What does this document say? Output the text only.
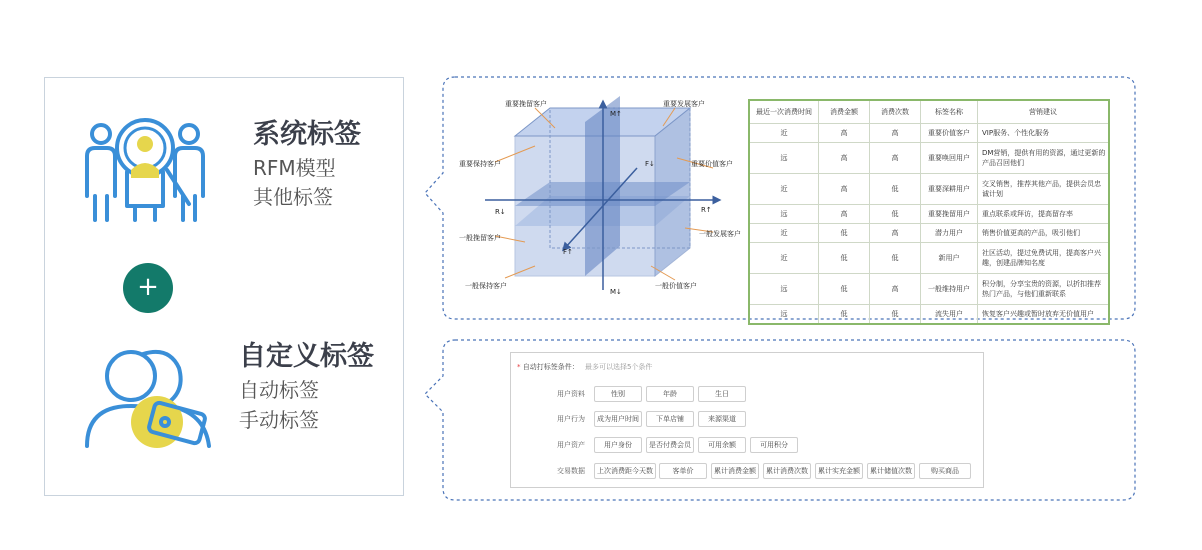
系统标签
RFM模型
其他标签
+
自定义标签
自动标签
手动标签
M↑
M↓
R↓	R↑
F↓
F↑
重要挽留客户	重要发展客户
重要保持客户	重要价值客户
一般挽留客户	一般发展客户
一般保持客户	一般价值客户
最近一次消费时间	消费金额	消费次数	标签名称	营销建议
近	高	高	重要价值客户	VIP服务、个性化服务
远	高	高	重要唤回用户	DM营销，提供有用的资源，通过更新的产品召回他们
近	高	低	重要深耕用户	交叉销售，推荐其他产品，提供会员忠诚计划
远	高	低	重要挽留用户	重点联系或拜访，提高留存率
近	低	高	潜力用户	销售价值更高的产品，吸引他们
近	低	低	新用户	社区活动，提过免费试用，提高客户兴趣，创建品牌知名度
远	低	高	一般维持用户	积分制，分享宝贵的资源，以折扣推荐热门产品，与他们重新联系
远	低	低	流失用户	恢复客户兴趣或暂时放弃无价值用户
* 自动打标签条件： 最多可以选择5个条件
用户资料	性别	年龄	生日
用户行为	成为用户时间	下单店铺	来源渠道
用户资产	用户身份	是否付费会员	可用余额	可用积分
交易数据	上次消费距今天数	客单价	累计消费金额	累计消费次数	累计实充金额	累计储值次数	购买商品
